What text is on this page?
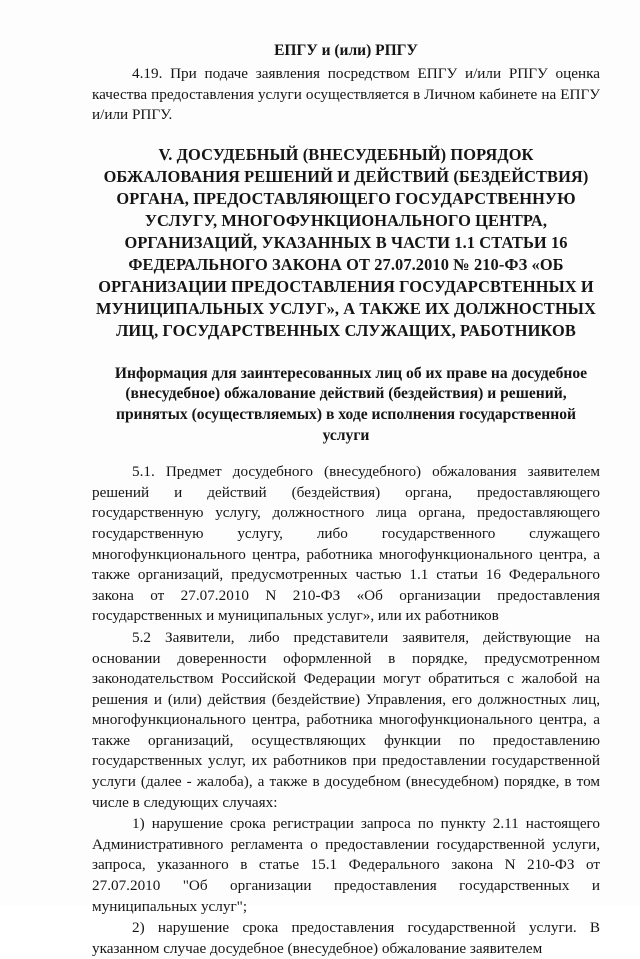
ЕПГУ и (или) РПГУ

4.19. При подаче заявления посредством ЕПГУ и/или РПГУ оценка качества предоставления услуги осуществляется в Личном кабинете на ЕПГУ и/или РПГУ.

V. ДОСУДЕБНЫЙ (ВНЕСУДЕБНЫЙ) ПОРЯДОК ОБЖАЛОВАНИЯ РЕШЕНИЙ И ДЕЙСТВИЙ (БЕЗДЕЙСТВИЯ) ОРГАНА, ПРЕДОСТАВЛЯЮЩЕГО ГОСУДАРСТВЕННУЮ УСЛУГУ, МНОГОФУНКЦИОНАЛЬНОГО ЦЕНТРА, ОРГАНИЗАЦИЙ, УКАЗАННЫХ В ЧАСТИ 1.1 СТАТЬИ 16 ФЕДЕРАЛЬНОГО ЗАКОНА ОТ 27.07.2010 № 210-ФЗ «ОБ ОРГАНИЗАЦИИ ПРЕДОСТАВЛЕНИЯ ГОСУДАРСВТЕННЫХ И МУНИЦИПАЛЬНЫХ УСЛУГ», А ТАКЖЕ ИХ ДОЛЖНОСТНЫХ ЛИЦ, ГОСУДАРСТВЕННЫХ СЛУЖАЩИХ, РАБОТНИКОВ
Информация для заинтересованных лиц об их праве на досудебное (внесудебное) обжалование действий (бездействия) и решений, принятых (осуществляемых) в ходе исполнения государственной услуги

5.1. Предмет досудебного (внесудебного) обжалования заявителем решений и действий (бездействия) органа, предоставляющего государственную услугу, должностного лица органа, предоставляющего государственную услугу, либо государственного служащего многофункционального центра, работника многофункционального центра, а также организаций, предусмотренных частью 1.1 статьи 16 Федерального закона от 27.07.2010 N 210-ФЗ «Об организации предоставления государственных и муниципальных услуг», или их работников

5.2 Заявители, либо представители заявителя, действующие на основании доверенности оформленной в порядке, предусмотренном законодательством Российской Федерации могут обратиться с жалобой на решения и (или) действия (бездействие) Управления, его должностных лиц, многофункционального центра, работника многофункционального центра, а также организаций, осуществляющих функции по предоставлению государственных услуг, их работников при предоставлении государственной услуги (далее - жалоба), а также в досудебном (внесудебном) порядке, в том числе в следующих случаях:

1) нарушение срока регистрации запроса по пункту 2.11 настоящего Административного регламента о предоставлении государственной услуги, запроса, указанного в статье 15.1 Федерального закона N 210-ФЗ от 27.07.2010 "Об организации предоставления государственных и муниципальных услуг";

2) нарушение срока предоставления государственной услуги. В указанном случае досудебное (внесудебное) обжалование заявителем
